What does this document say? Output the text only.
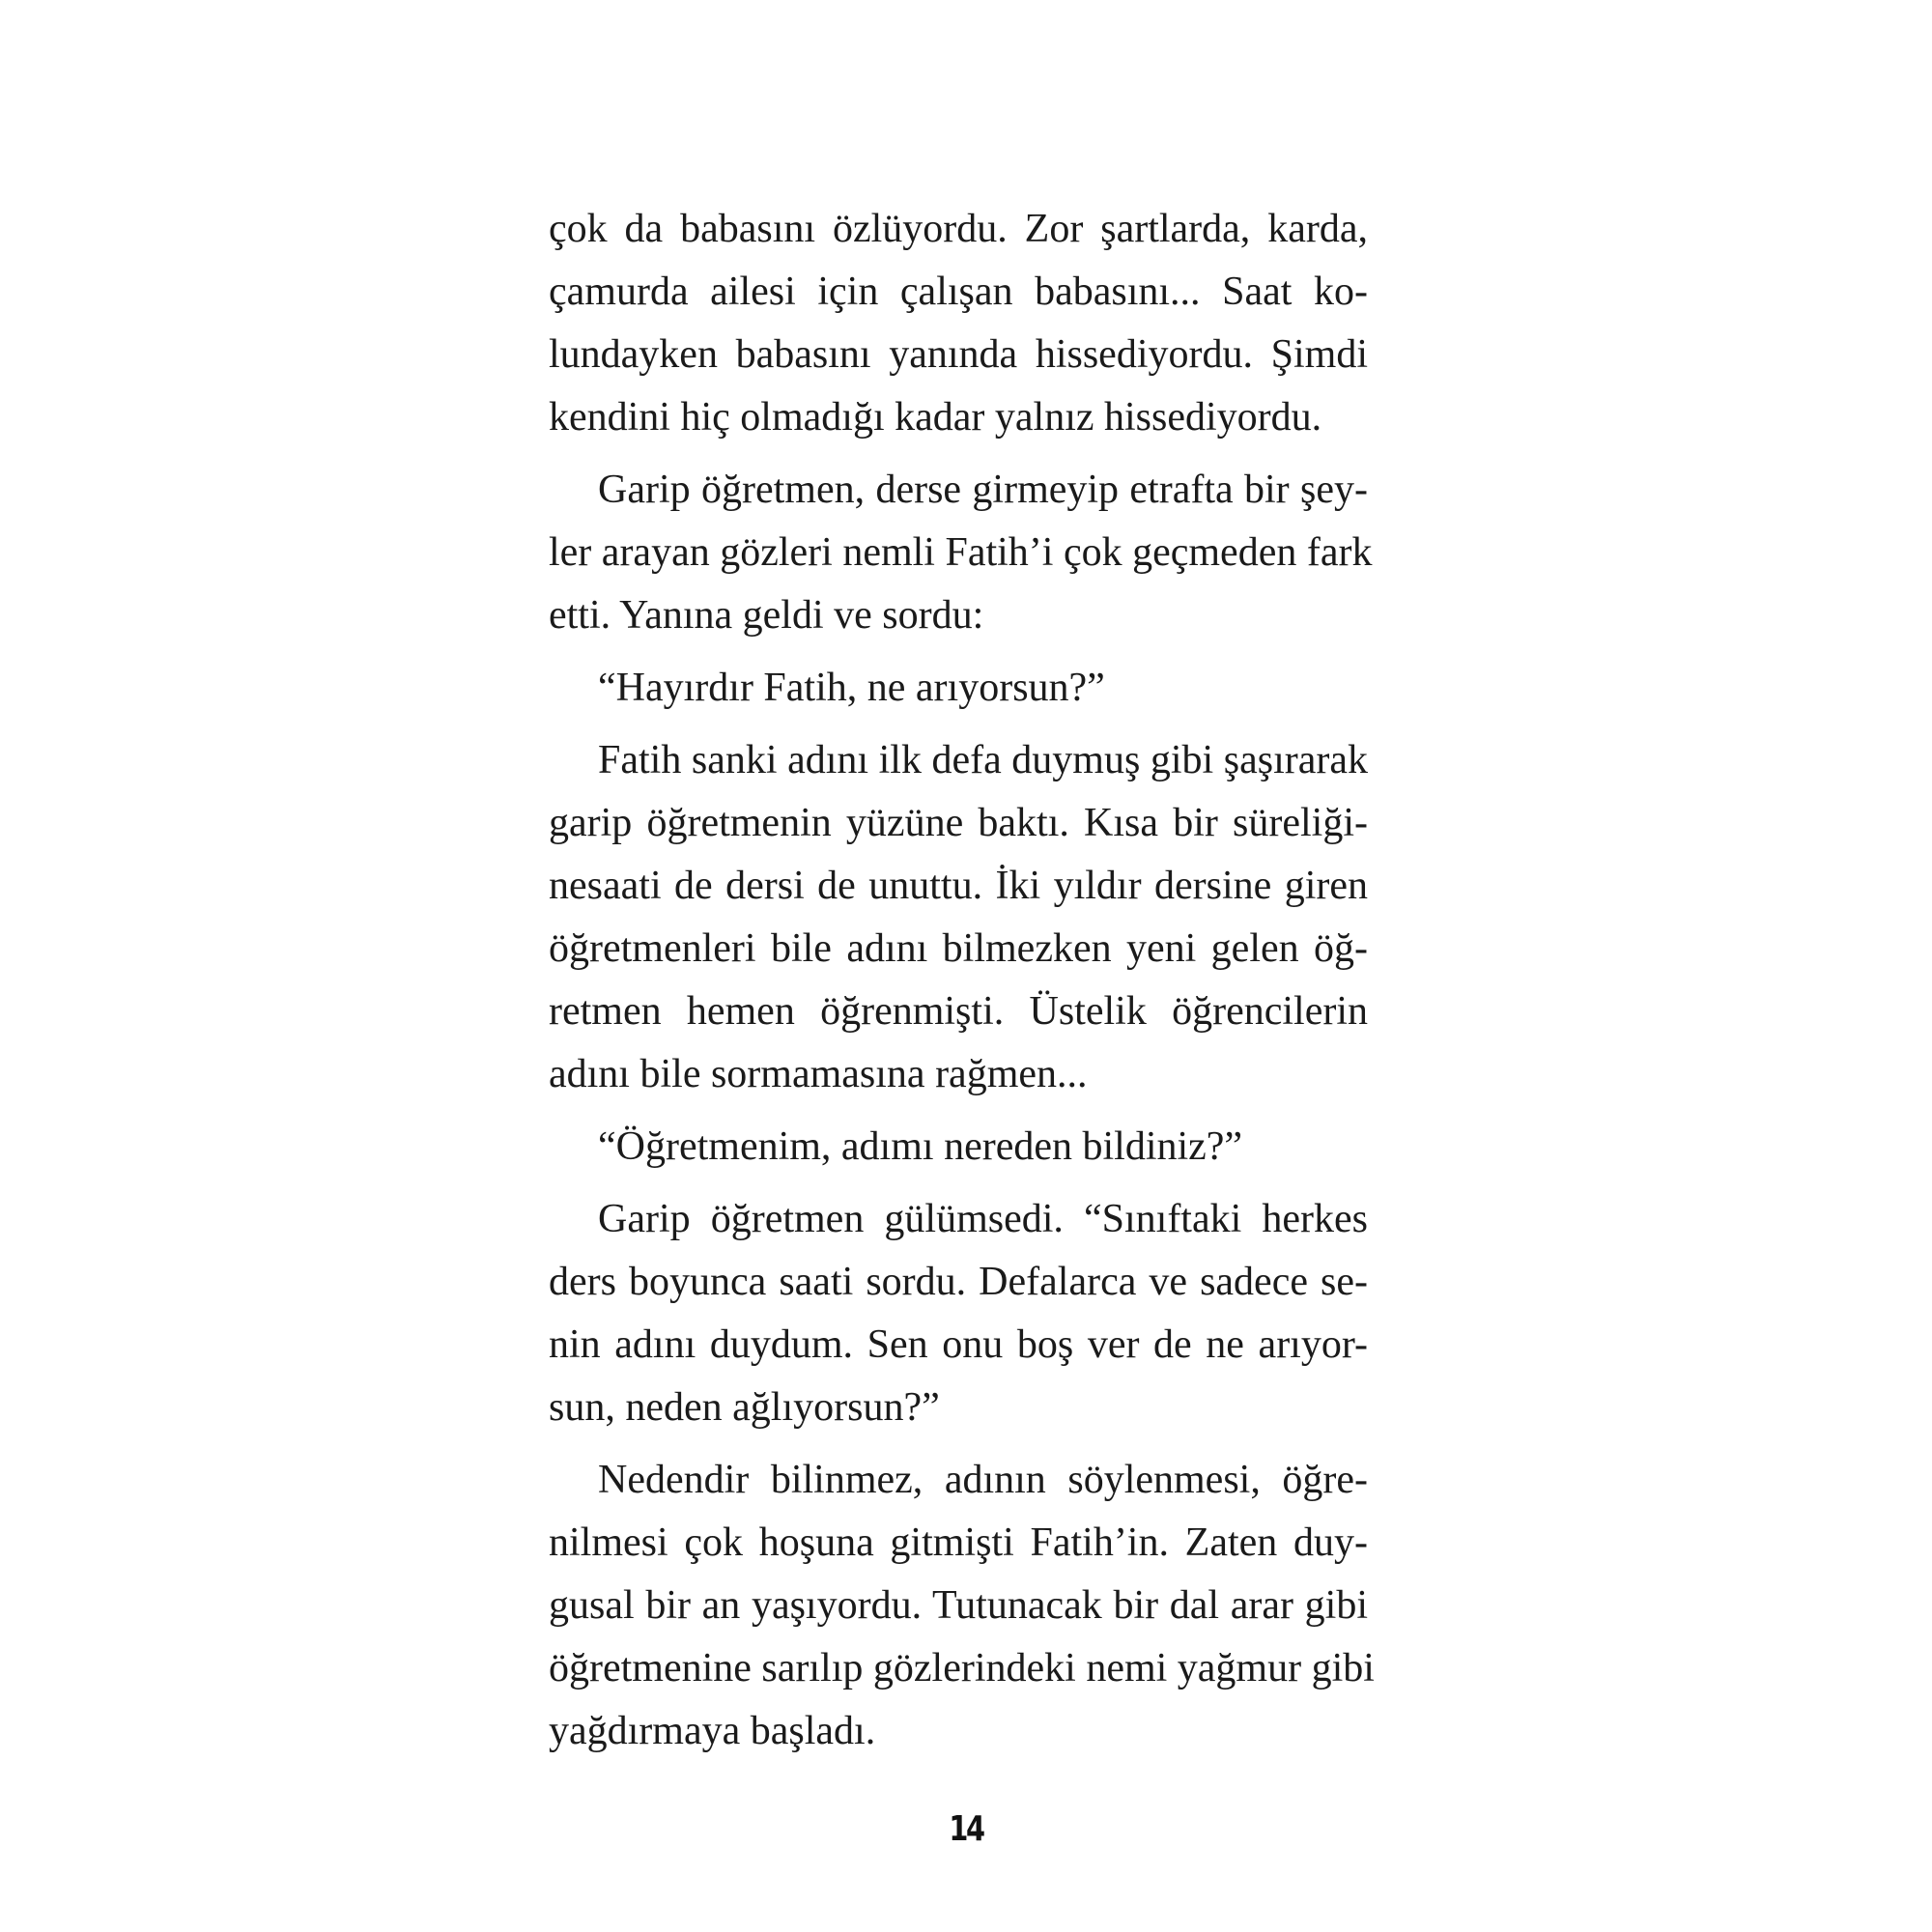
çok da babasını özlüyordu. Zor şartlarda, karda,
çamurda ailesi için çalışan babasını... Saat ko-
lundayken babasını yanında hissediyordu. Şimdi
kendini hiç olmadığı kadar yalnız hissediyordu.
Garip öğretmen, derse girmeyip etrafta bir şey-
ler arayan gözleri nemli Fatih’i çok geçmeden fark
etti. Yanına geldi ve sordu:
“Hayırdır Fatih, ne arıyorsun?”
Fatih sanki adını ilk defa duymuş gibi şaşırarak
garip öğretmenin yüzüne baktı. Kısa bir süreliği-
nesaati de dersi de unuttu. İki yıldır dersine giren
öğretmenleri bile adını bilmezken yeni gelen öğ-
retmen hemen öğrenmişti. Üstelik öğrencilerin
adını bile sormamasına rağmen...
“Öğretmenim, adımı nereden bildiniz?”
Garip öğretmen gülümsedi. “Sınıftaki herkes
ders boyunca saati sordu. Defalarca ve sadece se-
nin adını duydum. Sen onu boş ver de ne arıyor-
sun, neden ağlıyorsun?”
Nedendir bilinmez, adının söylenmesi, öğre-
nilmesi çok hoşuna gitmişti Fatih’in. Zaten duy-
gusal bir an yaşıyordu. Tutunacak bir dal arar gibi
öğretmenine sarılıp gözlerindeki nemi yağmur gibi
yağdırmaya başladı.
14
